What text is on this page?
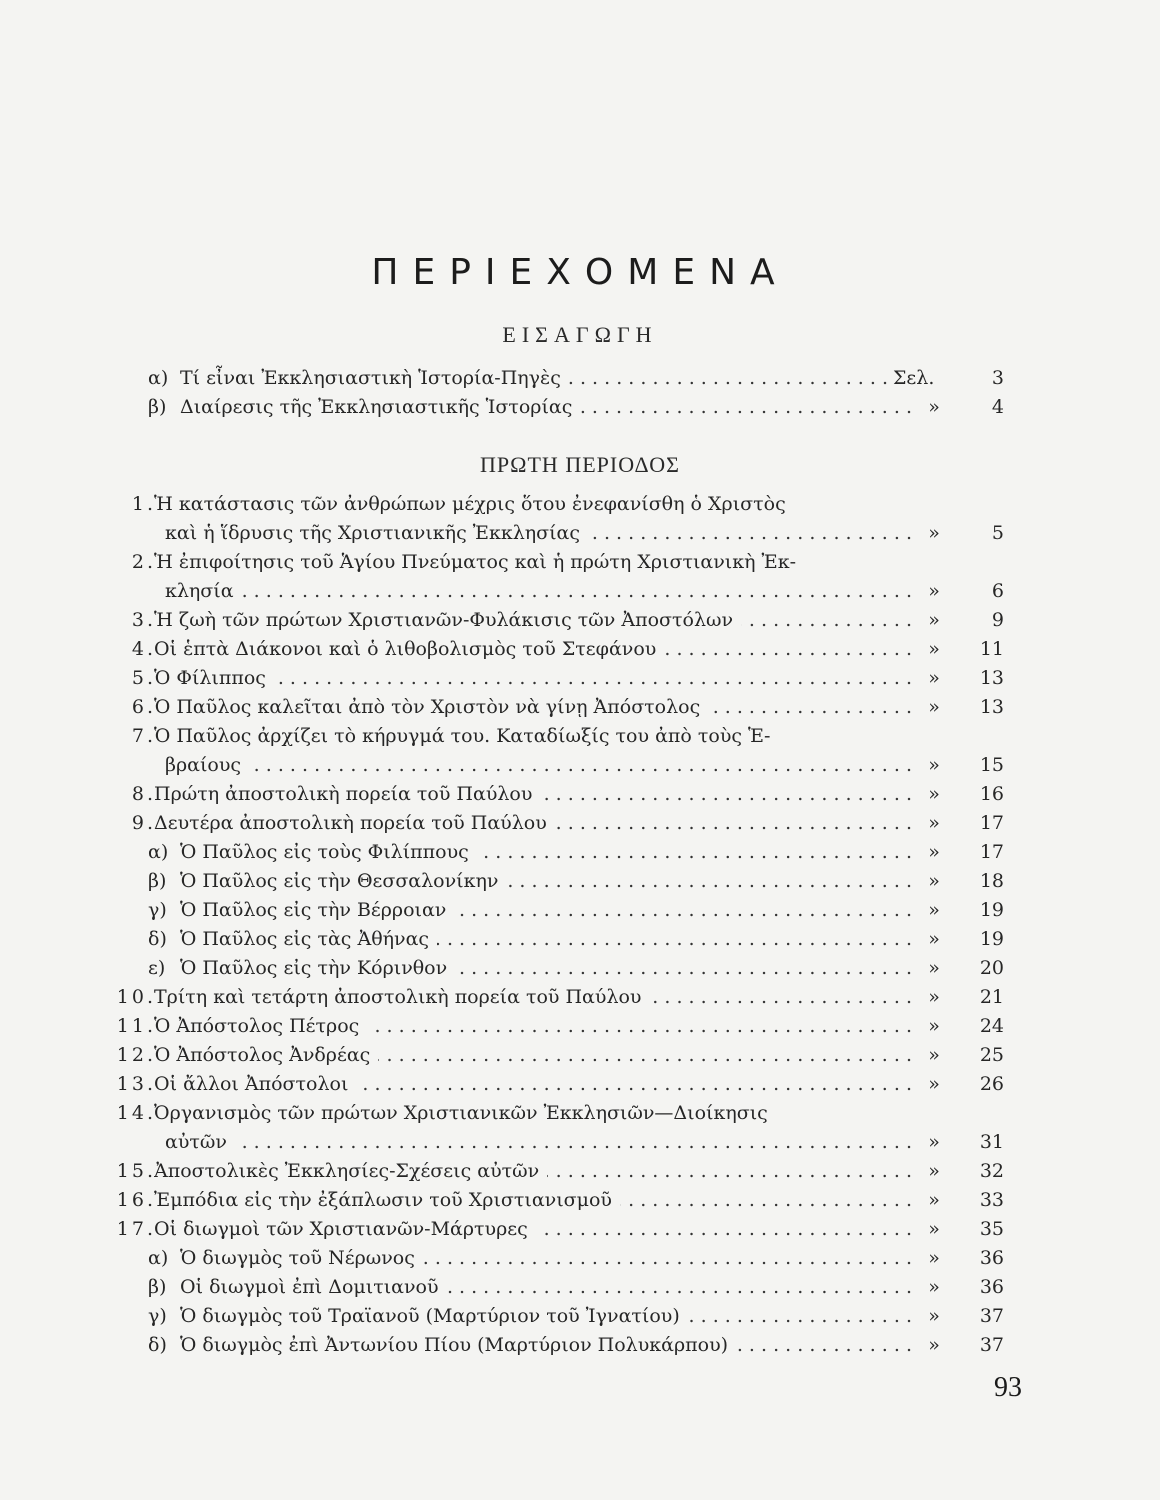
ΠΕΡΙΕΧΟΜΕΝΑ
ΕΙΣΑΓΩΓΗ
ΠΡΩΤΗ ΠΕΡΙΟΔΟΣ
α) Τί εἶναι Ἐκκλησιαστικὴ Ἱστορία-Πηγὲς . . .	Σελ.	3
β) Διαίρεσις τῆς Ἐκκλησιαστικῆς Ἱστορίας . . .	»	4
1.
Ἡ κατάστασις τῶν ἀνθρώπων μέχρις ὅτου ἐνεφανίσθη ὁ Χριστὸς
καὶ ἡ ἵδρυσις τῆς Χριστιανικῆς Ἐκκλησίας . . .	»	5
2.
Ἡ ἐπιφοίτησις τοῦ Ἁγίου Πνεύματος καὶ ἡ πρώτη Χριστιανικὴ Ἐκ-
κλησία . . .	»	6
3.
Ἡ ζωὴ τῶν πρώτων Χριστιανῶν-Φυλάκισις τῶν Ἀποστόλων . . .	»	9
4.
Οἱ ἑπτὰ Διάκονοι καὶ ὁ λιθοβολισμὸς τοῦ Στεφάνου . . .	»	11
5.
Ὁ Φίλιππος . . .	»	13
6.
Ὁ Παῦλος καλεῖται ἀπὸ τὸν Χριστὸν νὰ γίνῃ Ἀπόστολος . . .	»	13
7.
Ὁ Παῦλος ἀρχίζει τὸ κήρυγμά του. Καταδίωξίς του ἀπὸ τοὺς Ἑ-
βραίους . . .	»	15
8.
Πρώτη ἀποστολικὴ πορεία τοῦ Παύλου . . .	»	16
9.
Δευτέρα ἀποστολικὴ πορεία τοῦ Παύλου . . .	»	17
α) Ὁ Παῦλος εἰς τοὺς Φιλίππους . . .	»	17
β) Ὁ Παῦλος εἰς τὴν Θεσσαλονίκην . . .	»	18
γ) Ὁ Παῦλος εἰς τὴν Βέρροιαν . . .	»	19
δ) Ὁ Παῦλος εἰς τὰς Ἀθήνας . . .	»	19
ε) Ὁ Παῦλος εἰς τὴν Κόρινθον . . .	»	20
10.
Τρίτη καὶ τετάρτη ἀποστολικὴ πορεία τοῦ Παύλου . . .	»	21
11.
Ὁ Ἀπόστολος Πέτρος . . .	»	24
12.
Ὁ Ἀπόστολος Ἀνδρέας . . .	»	25
13.
Οἱ ἄλλοι Ἀπόστολοι . . .	»	26
14.
Ὀργανισμὸς τῶν πρώτων Χριστιανικῶν Ἐκκλησιῶν—Διοίκησις
αὐτῶν . . .	»	31
15.
Ἀποστολικὲς Ἐκκλησίες-Σχέσεις αὐτῶν . . .	»	32
16.
Ἐμπόδια εἰς τὴν ἐξάπλωσιν τοῦ Χριστιανισμοῦ . . .	»	33
17.
Οἱ διωγμοὶ τῶν Χριστιανῶν-Μάρτυρες . . .	»	35
α) Ὁ διωγμὸς τοῦ Νέρωνος . . .	»	36
β) Οἱ διωγμοὶ ἐπὶ Δομιτιανοῦ . . .	»	36
γ) Ὁ διωγμὸς τοῦ Τραϊανοῦ (Μαρτύριον τοῦ Ἰγνατίου) . . .	»	37
δ) Ὁ διωγμὸς ἐπὶ Ἀντωνίου Πίου (Μαρτύριον Πολυκάρπου) . . .	»	37
93
